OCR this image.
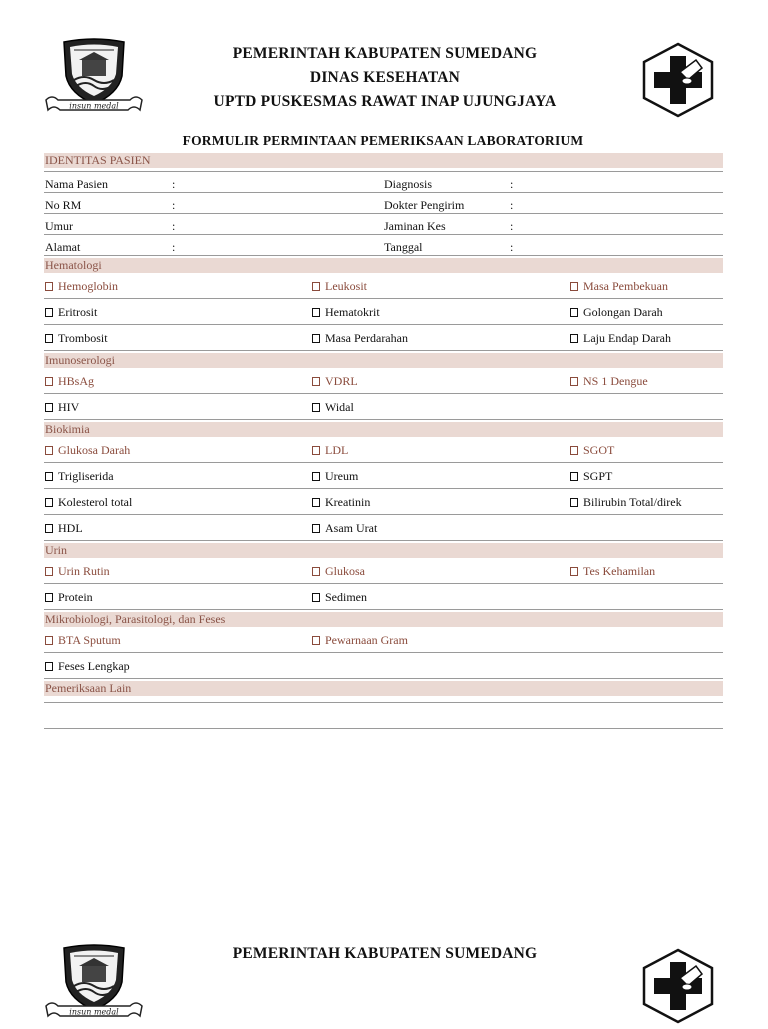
insun medal
PEMERINTAH KABUPATEN SUMEDANG
DINAS KESEHATAN
UPTD PUSKESMAS RAWAT INAP UJUNGJAYA
FORMULIR PERMINTAAN PEMERIKSAAN LABORATORIUM
IDENTITAS PASIEN
Nama Pasien	:	Diagnosis	:
No RM	:	Dokter Pengirim	:
Umur	:	Jaminan Kes	:
Alamat	:	Tanggal	:
Hematologi
Hemoglobin	Leukosit	Masa Pembekuan
Eritrosit	Hematokrit	Golongan Darah
Trombosit	Masa Perdarahan	Laju Endap Darah
Imunoserologi
HBsAg	VDRL	NS 1 Dengue
HIV	Widal
Biokimia
Glukosa Darah	LDL	SGOT
Trigliserida	Ureum	SGPT
Kolesterol total	Kreatinin	Bilirubin Total/direk
HDL	Asam Urat
Urin
Urin Rutin	Glukosa	Tes Kehamilan
Protein	Sedimen
Mikrobiologi, Parasitologi, dan Feses
BTA Sputum	Pewarnaan Gram
Feses Lengkap
Pemeriksaan Lain
insun medal
PEMERINTAH KABUPATEN SUMEDANG
